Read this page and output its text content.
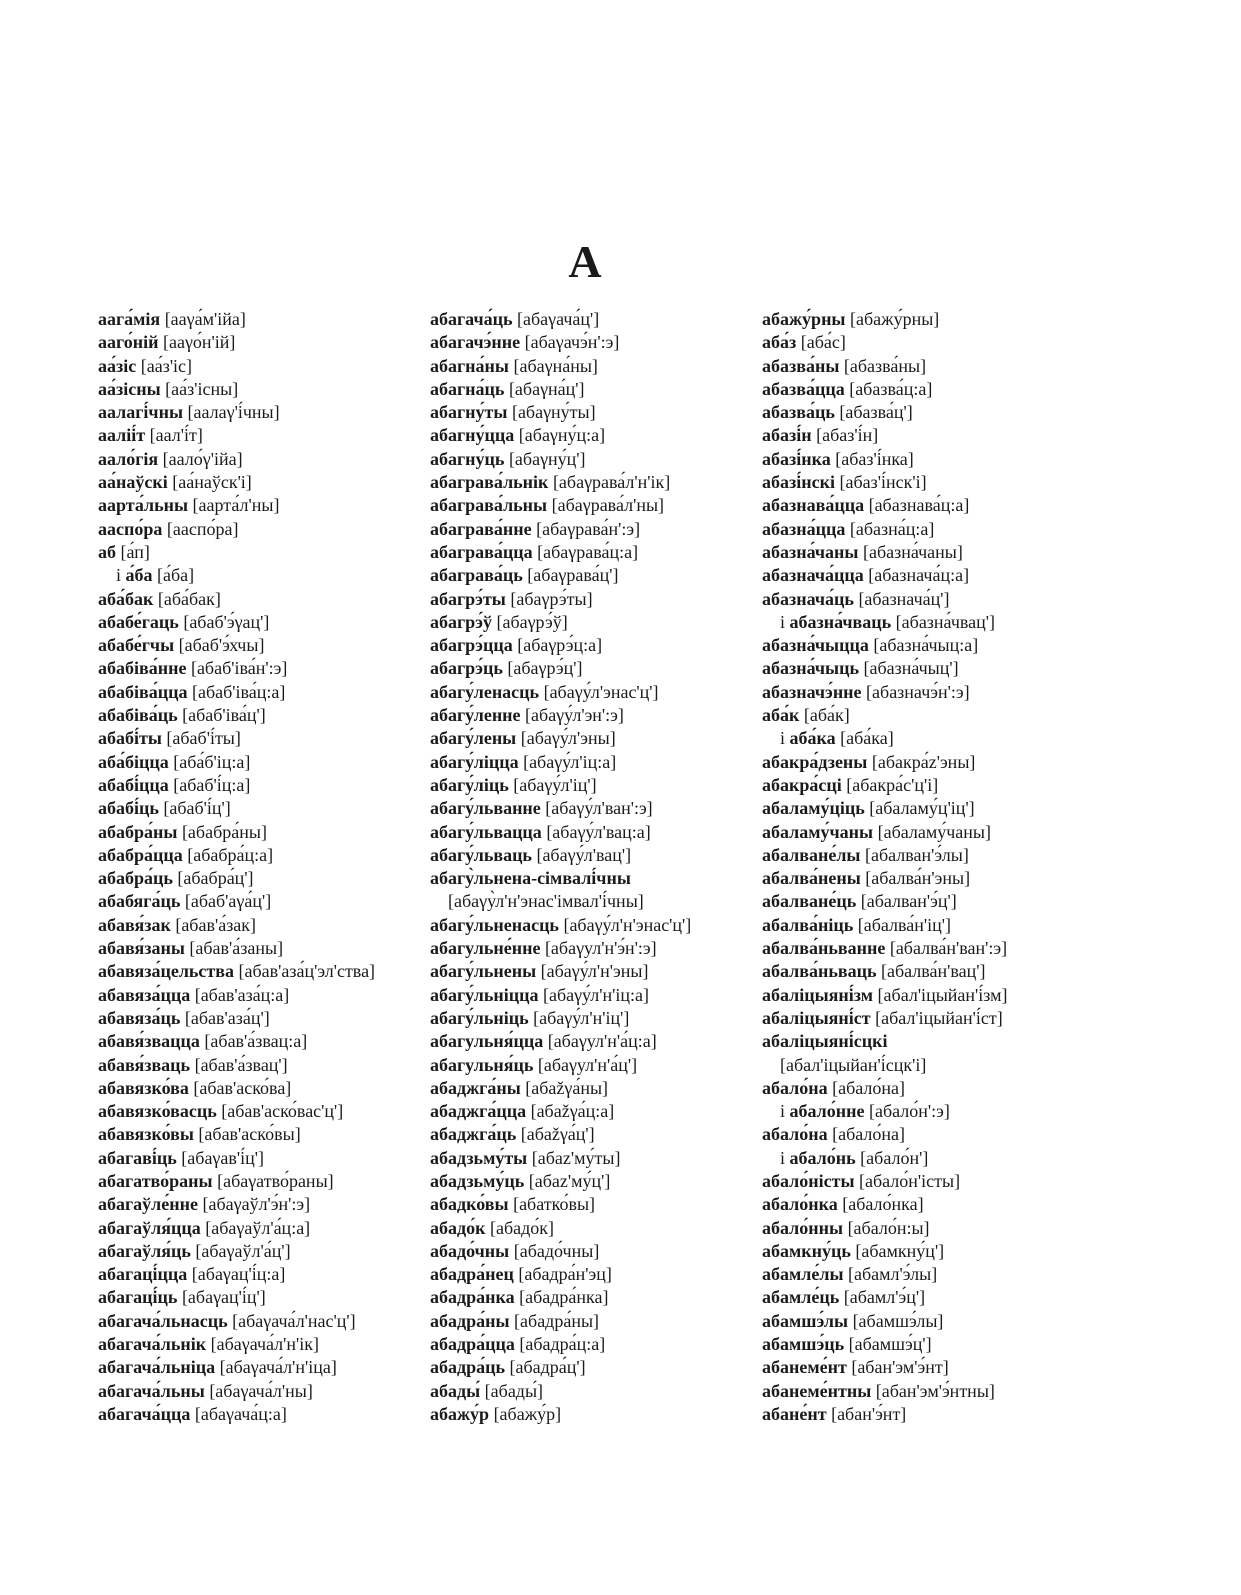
А
аага́мія [ааγа́м'ійа]
ааго́ній [ааγо́н'ій]
аа́зіс [аа́з'іс]
аа́зісны [аа́з'існы]
аалагі́чны [аалаγ'і́чны]
ааліі́т [аал'і́т]
аало́гія [аало́γ'ійа]
аа́наўскі [аа́наўск'і]
аарта́льны [аарта́л'ны]
ааспо́ра [ааспо́ра]
аб [а́п]
і а́ба [а́ба]
аба́бак [аба́бак]
абабе́гаць [абаб'э́γац']
абабе́гчы [абаб'э́хчы]
абабіва́нне [абаб'іва́н':э]
абабіва́цца [абаб'іва́ц:а]
абабіва́ць [абаб'іва́ц']
абабі́ты [абаб'і́ты]
аба́біцца [аба́б'іц:а]
абабі́цца [абаб'і́ц:а]
абабі́ць [абаб'і́ц']
абабра́ны [абабра́ны]
абабра́цца [абабра́ц:а]
абабра́ць [абабра́ц']
абабяга́ць [абаб'аγа́ц']
абавя́зак [абав'а́зак]
абавя́заны [абав'а́заны]
абавяза́цельства [абав'аза́ц'эл'ства]
абавяза́цца [абав'аза́ц:а]
абавяза́ць [абав'аза́ц']
абавя́звацца [абав'а́звац:а]
абавя́зваць [абав'а́звац']
абавязко́ва [абав'аско́ва]
абавязко́васць [абав'аско́вас'ц']
абавязко́вы [абав'аско́вы]
абагаві́ць [абаγав'і́ц']
абагатво́раны [абаγатво́раны]
абагаўле́нне [абаγаўл'э́н':э]
абагаўля́цца [абаγаўл'а́ц:а]
абагаўля́ць [абаγаўл'а́ц']
абагаці́цца [абаγац'і́ц:а]
абагаці́ць [абаγац'і́ц']
абагача́льнасць [абаγача́л'нас'ц']
абагача́льнік [абаγача́л'н'ік]
абагача́льніца [абаγача́л'н'іца]
абагача́льны [абаγача́л'ны]
абагача́цца [абаγача́ц:а]
абагача́ць [абаγача́ц']
абагачэ́нне [абаγачэ́н':э]
абагна́ны [абаγна́ны]
абагна́ць [абаγна́ц']
абагну́ты [абаγну́ты]
абагну́цца [абаγну́ц:а]
абагну́ць [абаγну́ц']
абаграва́льнік [абаγрава́л'н'ік]
абаграва́льны [абаγрава́л'ны]
абаграва́нне [абаγрава́н':э]
абаграва́цца [абаγрава́ц:а]
абаграва́ць [абаγрава́ц']
абагрэ́ты [абаγрэ́ты]
абагрэ́ў [абаγрэ́ў]
абагрэ́цца [абаγрэ́ц:а]
абагрэ́ць [абаγрэ́ц']
абагу́ленасць [абаγу́л'энас'ц']
абагу́ленне [абаγу́л'эн':э]
абагу́лены [абаγу́л'эны]
абагу́ліцца [абаγу́л'іц:а]
абагу́ліць [абаγу́л'іц']
абагу́льванне [абаγу́л'ван':э]
абагу́львацца [абаγу́л'вац:а]
абагу́льваць [абаγу́л'вац']
абагу̀льнена-сімвалі́чны
[абаγу̀л'н'энас'імвал'і́чны]
абагу́льненасць [абаγу́л'н'энас'ц']
абагульне́нне [абаγул'н'э́н':э]
абагу́льнены [абаγу́л'н'эны]
абагу́льніцца [абаγу́л'н'іц:а]
абагу́льніць [абаγу́л'н'іц']
абагульня́цца [абаγул'н'а́ц:а]
абагульня́ць [абаγул'н'а́ц']
абаджга́ны [абаžγа́ны]
абаджга́цца [абаžγа́ц:а]
абаджга́ць [абаžγа́ц']
абадзьму́ты [абаz'му́ты]
абадзьму́ць [абаz'му́ц']
абадко́вы [абатко́вы]
абадо́к [абадо́к]
абадо́чны [абадо́чны]
абадра́нец [абадра́н'эц]
абадра́нка [абадра́нка]
абадра́ны [абадра́ны]
абадра́цца [абадра́ц:а]
абадра́ць [абадра́ц']
абады́ [абады́]
абажу́р [абажу́р]
абажу́рны [абажу́рны]
аба́з [аба́с]
абазва́ны [абазва́ны]
абазва́цца [абазва́ц:а]
абазва́ць [абазва́ц']
абазі́н [абаз'і́н]
абазі́нка [абаз'і́нка]
абазі́нскі [абаз'і́нск'і]
абазнава́цца [абазнава́ц:а]
абазна́цца [абазна́ц:а]
абазна́чаны [абазна́чаны]
абазнача́цца [абазнача́ц:а]
абазнача́ць [абазнача́ц']
і абазна́чваць [абазна́чвац']
абазна́чыцца [абазна́чыц:а]
абазна́чыць [абазна́чыц']
абазначэ́нне [абазначэ́н':э]
аба́к [аба́к]
і аба́ка [аба́ка]
абакра́дзены [абакра́z'эны]
абакра́сці [абакра́с'ц'і]
абаламу́ціць [абаламу́ц'іц']
абаламу́чаны [абаламу́чаны]
абалване́лы [абалван'э́лы]
абалва́нены [абалва́н'эны]
абалване́ць [абалван'э́ц']
абалва́ніць [абалва́н'іц']
абалва́ньванне [абалва́н'ван':э]
абалва́ньваць [абалва́н'вац']
абаліцыяні́зм [абал'іцыйан'і́зм]
абаліцыяні́ст [абал'іцыйан'і́ст]
абаліцыяні́сцкі
[абал'іцыйан'і́сцк'і]
абало́на [абало́на]
і абало́нне [абало́н':э]
абало́на [абало́на]
і абало́нь [абало́н']
абало́ністы [абало́н'істы]
абало́нка [абало́нка]
абало́нны [абало́н:ы]
абамкну́ць [абамкну́ц']
абамле́лы [абамл'э́лы]
абамле́ць [абамл'э́ц']
абамшэ́лы [абамшэ́лы]
абамшэ́ць [абамшэ́ц']
абанеме́нт [абан'эм'э́нт]
абанеме́нтны [абан'эм'э́нтны]
абане́нт [абан'э́нт]
